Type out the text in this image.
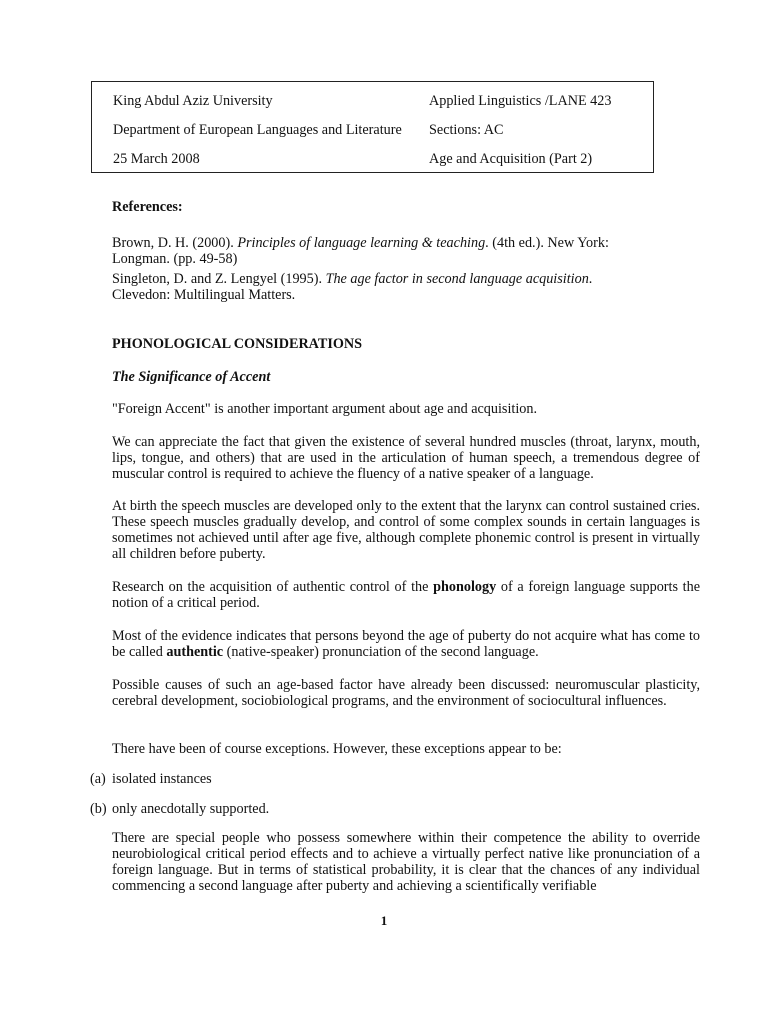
King Abdul Aziz University
Department of European Languages and Literature
25 March 2008
Applied Linguistics /LANE 423
Sections: AC
Age and Acquisition (Part 2)
References:
Brown, D. H. (2000). Principles of language learning & teaching. (4th ed.). New York:
Longman. (pp. 49-58)
Singleton, D. and Z. Lengyel (1995). The age factor in second language acquisition.
Clevedon: Multilingual Matters.
PHONOLOGICAL CONSIDERATIONS
The Significance of Accent

"Foreign Accent" is another important argument about age and acquisition.

We can appreciate the fact that given the existence of several hundred muscles (throat, larynx, mouth, lips, tongue, and others) that are used in the articulation of human speech, a tremendous degree of muscular control is required to achieve the fluency of a native speaker of a language.

At birth the speech muscles are developed only to the extent that the larynx can control sustained cries. These speech muscles gradually develop, and control of some complex sounds in certain languages is sometimes not achieved until after age five, although complete phonemic control is present in virtually all children before puberty.

Research on the acquisition of authentic control of the phonology of a foreign language supports the notion of a critical period.

Most of the evidence indicates that persons beyond the age of puberty do not acquire what has come to be called authentic (native-speaker) pronunciation of the second language.

Possible causes of such an age-based factor have already been discussed: neuromuscular plasticity, cerebral development, sociobiological programs, and the environment of sociocultural influences.

There have been of course exceptions. However, these exceptions appear to be:

(a) isolated instances
(b) only anecdotally supported.

There are special people who possess somewhere within their competence the ability to override neurobiological critical period effects and to achieve a virtually perfect native like pronunciation of a foreign language. But in terms of statistical probability, it is clear that the chances of any individual commencing a second language after puberty and achieving a scientifically verifiable

1
